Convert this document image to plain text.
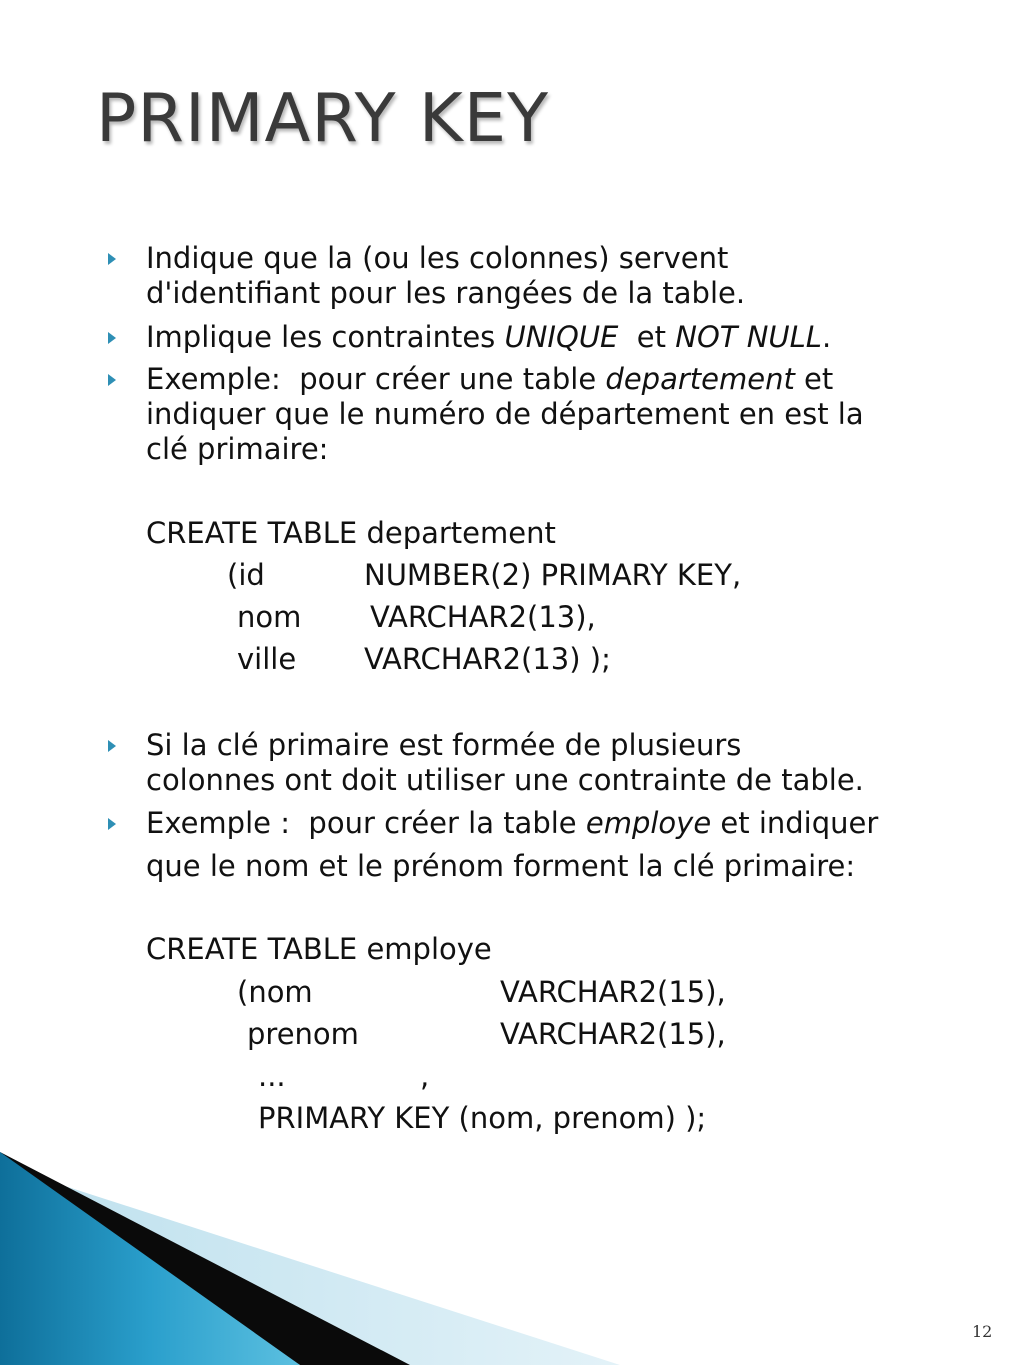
PRIMARY KEY
Indique que la (ou les colonnes) servent
d'identifiant pour les rangées de la table.
Implique les contraintes UNIQUE  et NOT NULL.
Exemple:  pour créer une table departement et
indiquer que le numéro de département en est la
clé primaire:
CREATE TABLE departement
(id	NUMBER(2) PRIMARY KEY,
nom VARCHAR2(13),
ville VARCHAR2(13) );
Si la clé primaire est formée de plusieurs
colonnes ont doit utiliser une contrainte de table.
Exemple :  pour créer la table employe et indiquer
que le nom et le prénom forment la clé primaire:
CREATE TABLE employe
(nom	VARCHAR2(15),
prenom	VARCHAR2(15),
...	,
PRIMARY KEY (nom, prenom) );
12
